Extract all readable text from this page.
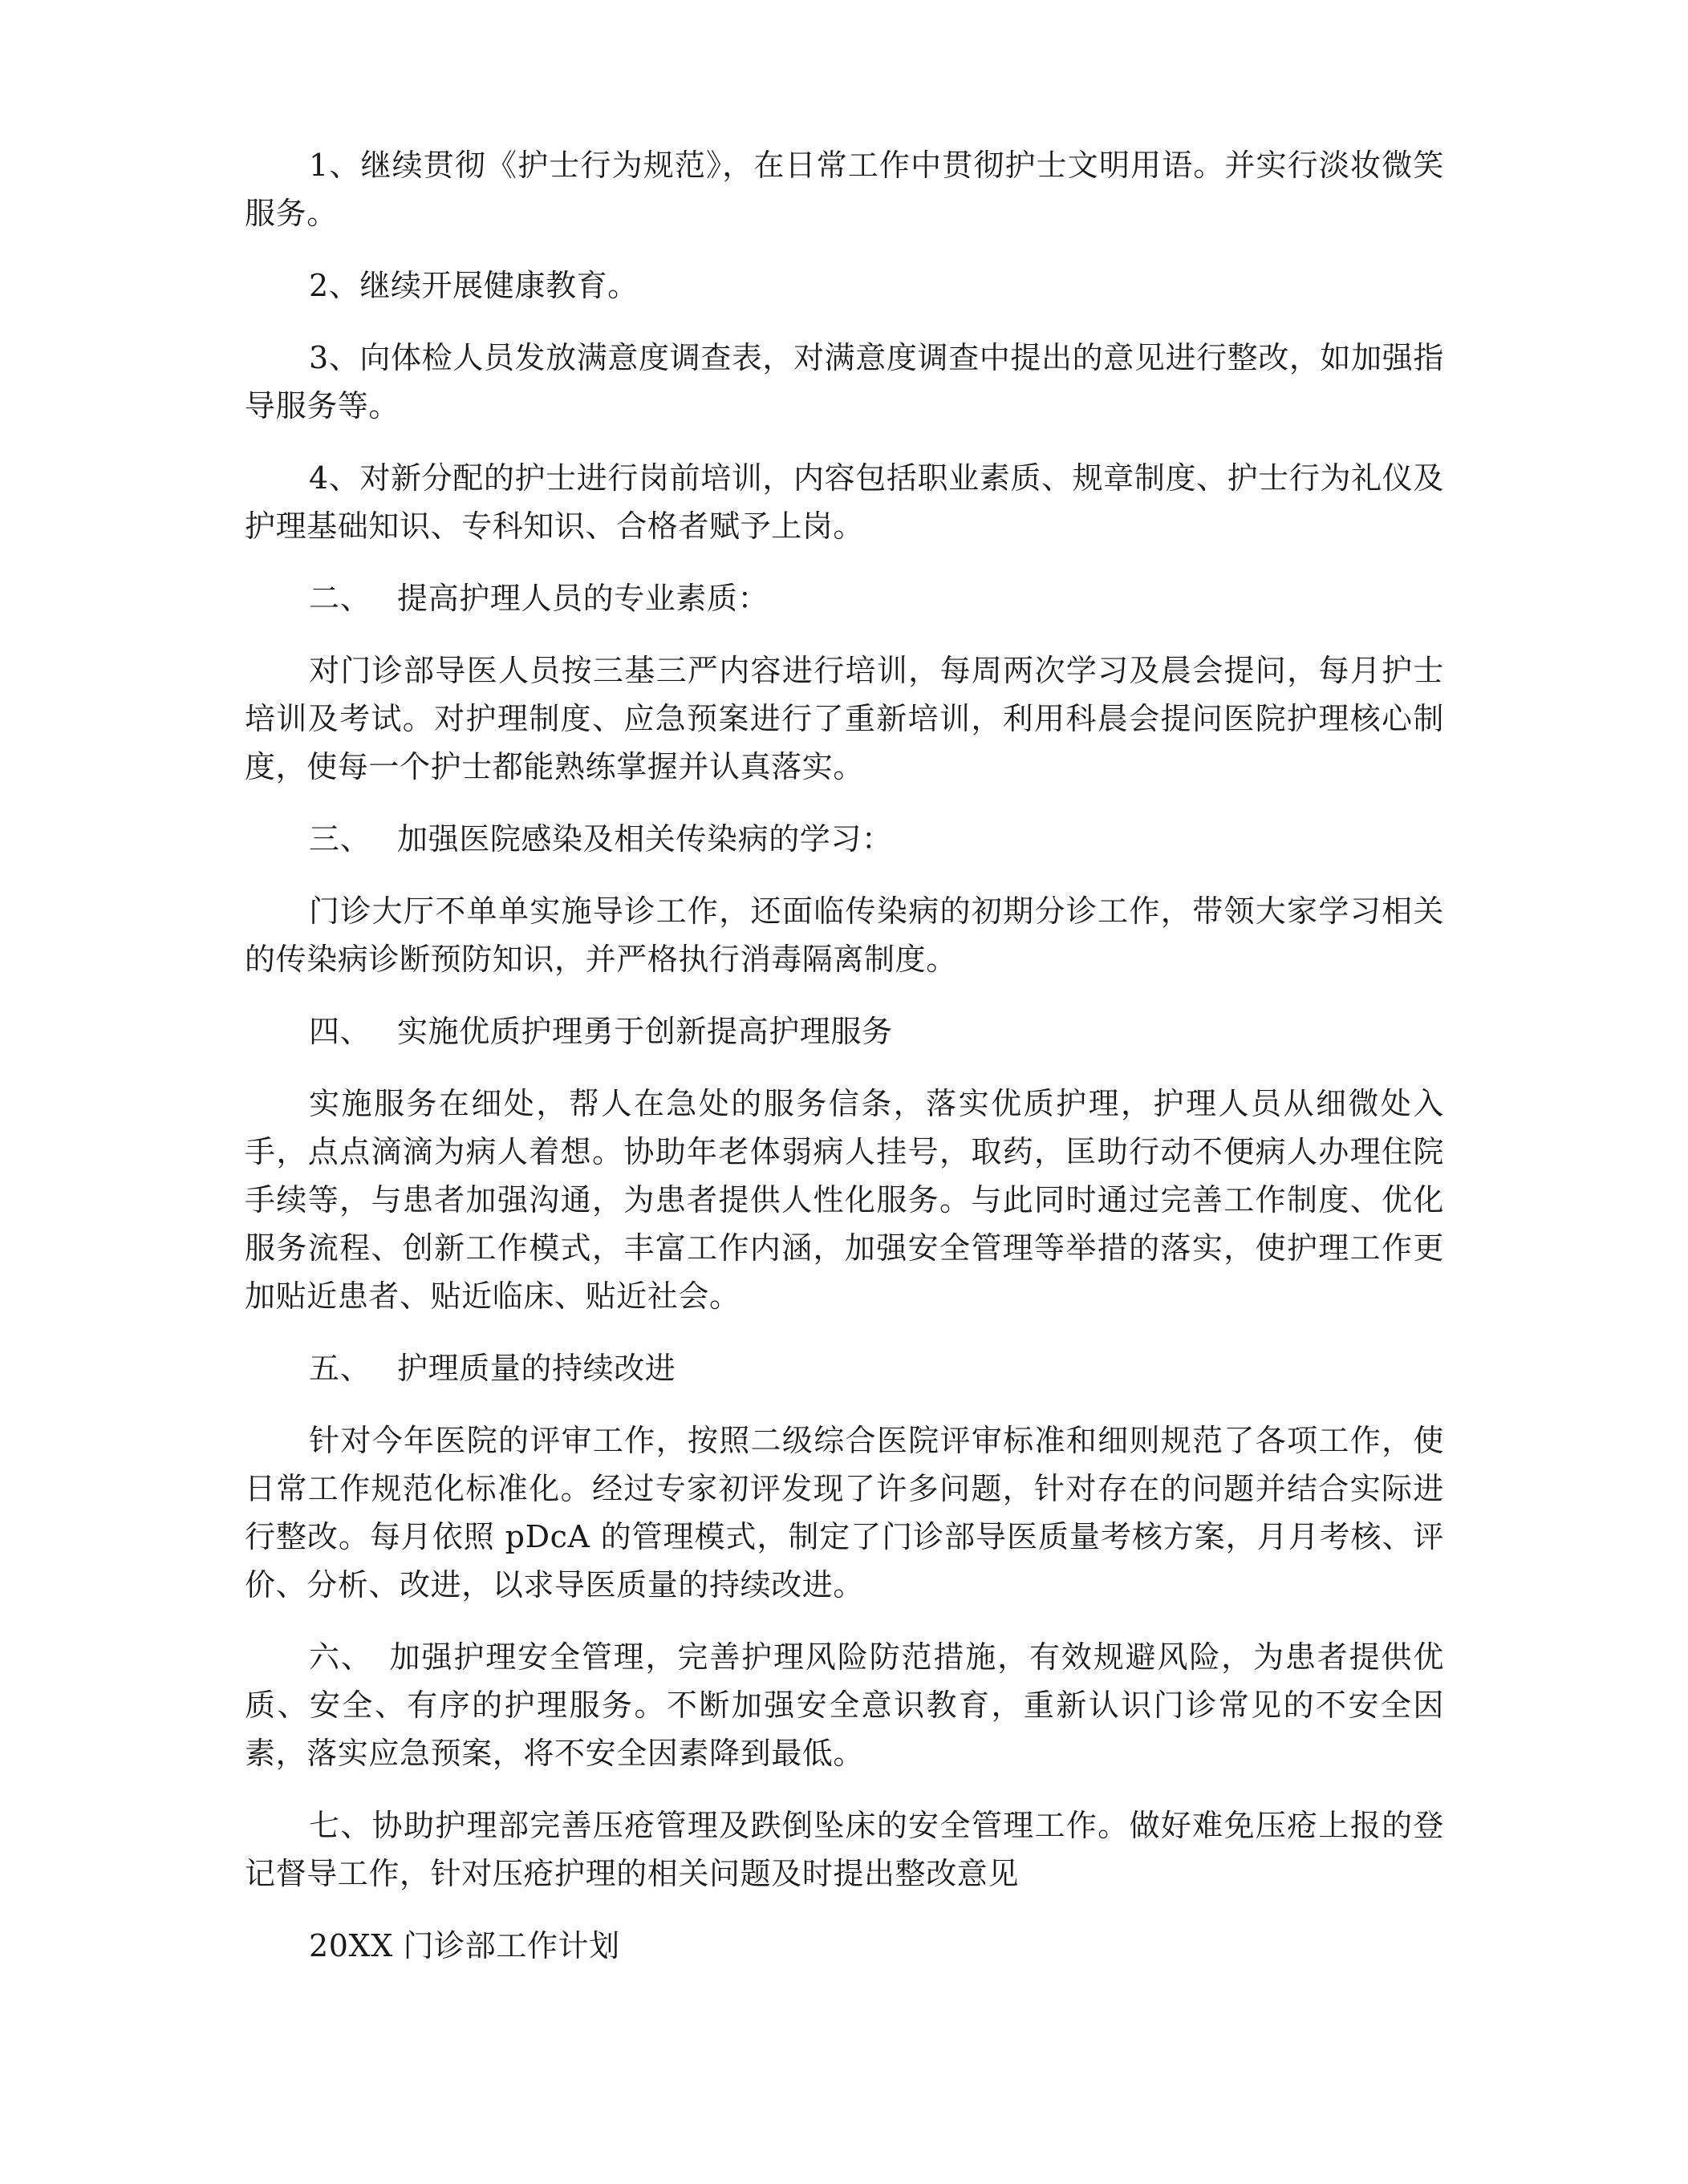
1、继续贯彻《护士行为规范》，在日常工作中贯彻护士文明用语。并实行淡妆微笑服务。

2、继续开展健康教育。

3、向体检人员发放满意度调查表，对满意度调查中提出的意见进行整改，如加强指导服务等。

4、对新分配的护士进行岗前培训，内容包括职业素质、规章制度、护士行为礼仪及护理基础知识、专科知识、合格者赋予上岗。

二、 提高护理人员的专业素质：

对门诊部导医人员按三基三严内容进行培训，每周两次学习及晨会提问，每月护士培训及考试。对护理制度、应急预案进行了重新培训，利用科晨会提问医院护理核心制度，使每一个护士都能熟练掌握并认真落实。

三、 加强医院感染及相关传染病的学习：

门诊大厅不单单实施导诊工作，还面临传染病的初期分诊工作，带领大家学习相关的传染病诊断预防知识，并严格执行消毒隔离制度。

四、 实施优质护理勇于创新提高护理服务

实施服务在细处，帮人在急处的服务信条，落实优质护理，护理人员从细微处入手，点点滴滴为病人着想。协助年老体弱病人挂号，取药，匡助行动不便病人办理住院手续等，与患者加强沟通，为患者提供人性化服务。与此同时通过完善工作制度、优化服务流程、创新工作模式，丰富工作内涵，加强安全管理等举措的落实，使护理工作更加贴近患者、贴近临床、贴近社会。

五、 护理质量的持续改进

针对今年医院的评审工作，按照二级综合医院评审标准和细则规范了各项工作，使日常工作规范化标准化。经过专家初评发现了许多问题，针对存在的问题并结合实际进行整改。每月依照 pDcA 的管理模式，制定了门诊部导医质量考核方案，月月考核、评价、分析、改进，以求导医质量的持续改进。

六、　加强护理安全管理，完善护理风险防范措施，有效规避风险，为患者提供优质、安全、有序的护理服务。不断加强安全意识教育，重新认识门诊常见的不安全因素，落实应急预案，将不安全因素降到最低。

七、协助护理部完善压疮管理及跌倒坠床的安全管理工作。做好难免压疮上报的登记督导工作，针对压疮护理的相关问题及时提出整改意见

20XX 门诊部工作计划
